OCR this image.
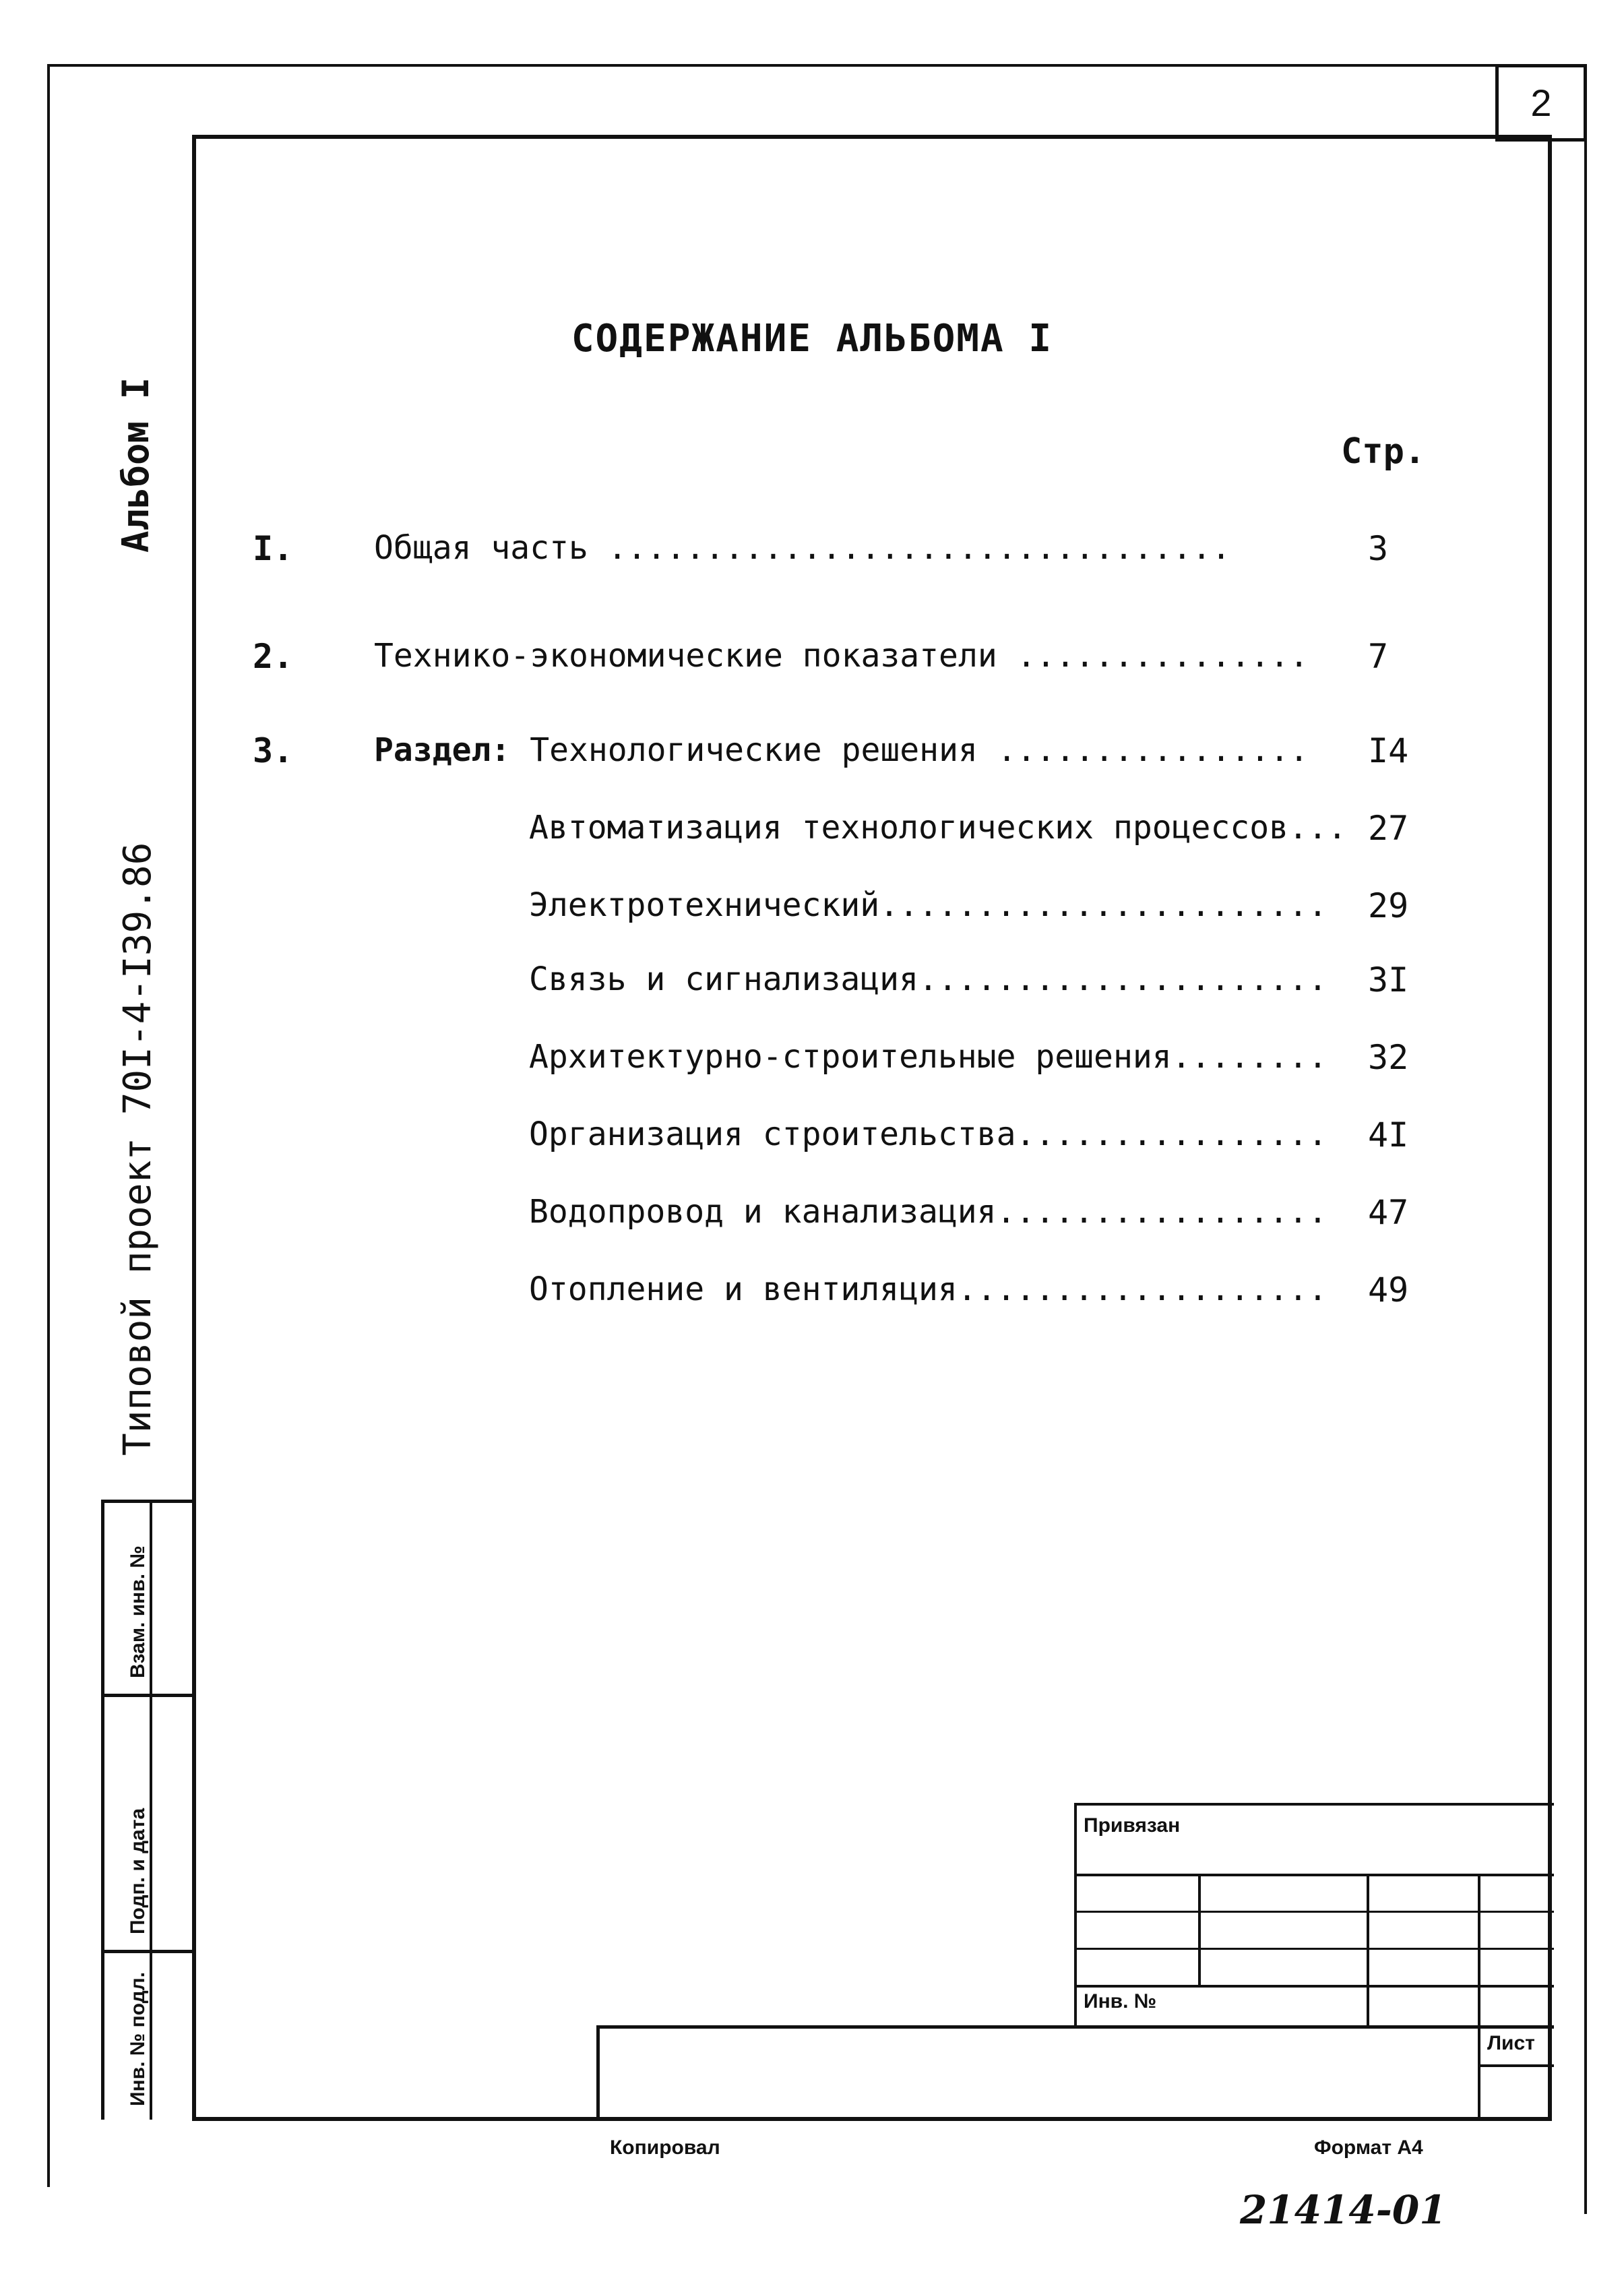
2
СОДЕРЖАНИЕ АЛЬБОМА I
Стр.
I. Общая часть ................................	3
2. Технико-экономические показатели ............... 7
3. Раздел: Технологические решения ................ I4
Автоматизация технологических процессов... 27
Электротехнический....................... 29
Связь и сигнализация..................... 3I
Архитектурно-строительные решения........ 32
Организация строительства................ 4I
Водопровод и канализация................. 47
Отопление и вентиляция................... 49
Альбом I
Типовой проект 70I-4-I39.86
Взам. инв. №
Подп. и дата
Инв. № подл.
Привязан
Инв. №
Лист
Копировал	Формат А4
21414-01
